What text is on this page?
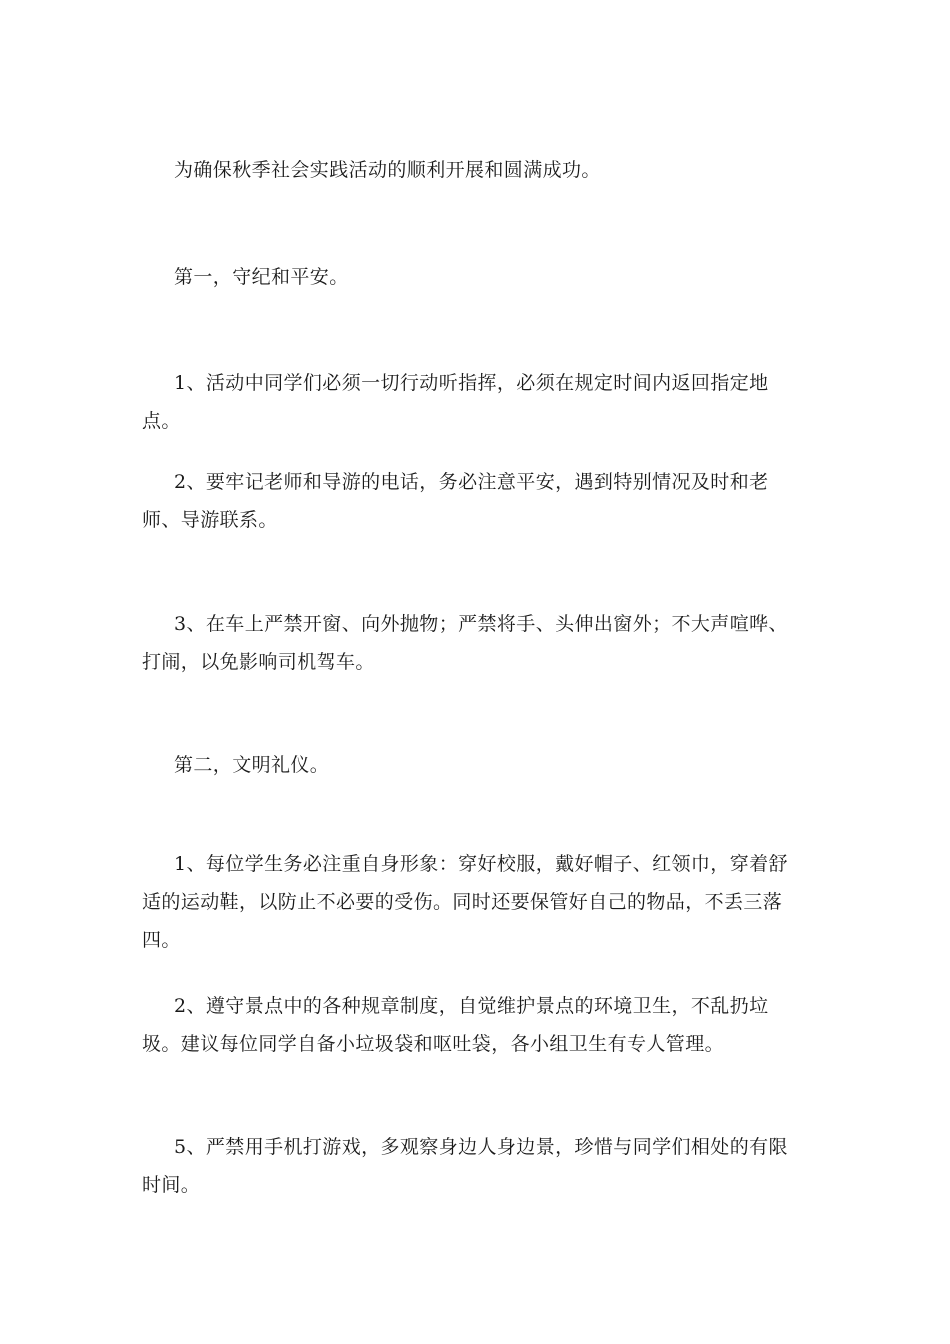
为确保秋季社会实践活动的顺利开展和圆满成功。

第一，守纪和平安。

1、活动中同学们必须一切行动听指挥，必须在规定时间内返回指定地点。

2、要牢记老师和导游的电话，务必注意平安，遇到特别情况及时和老师、导游联系。

3、在车上严禁开窗、向外抛物；严禁将手、头伸出窗外；不大声喧哗、打闹，以免影响司机驾车。

第二，文明礼仪。

1、每位学生务必注重自身形象：穿好校服，戴好帽子、红领巾，穿着舒适的运动鞋，以防止不必要的受伤。同时还要保管好自己的物品，不丢三落四。

2、遵守景点中的各种规章制度，自觉维护景点的环境卫生，不乱扔垃圾。建议每位同学自备小垃圾袋和呕吐袋，各小组卫生有专人管理。

5、严禁用手机打游戏，多观察身边人身边景，珍惜与同学们相处的有限时间。
